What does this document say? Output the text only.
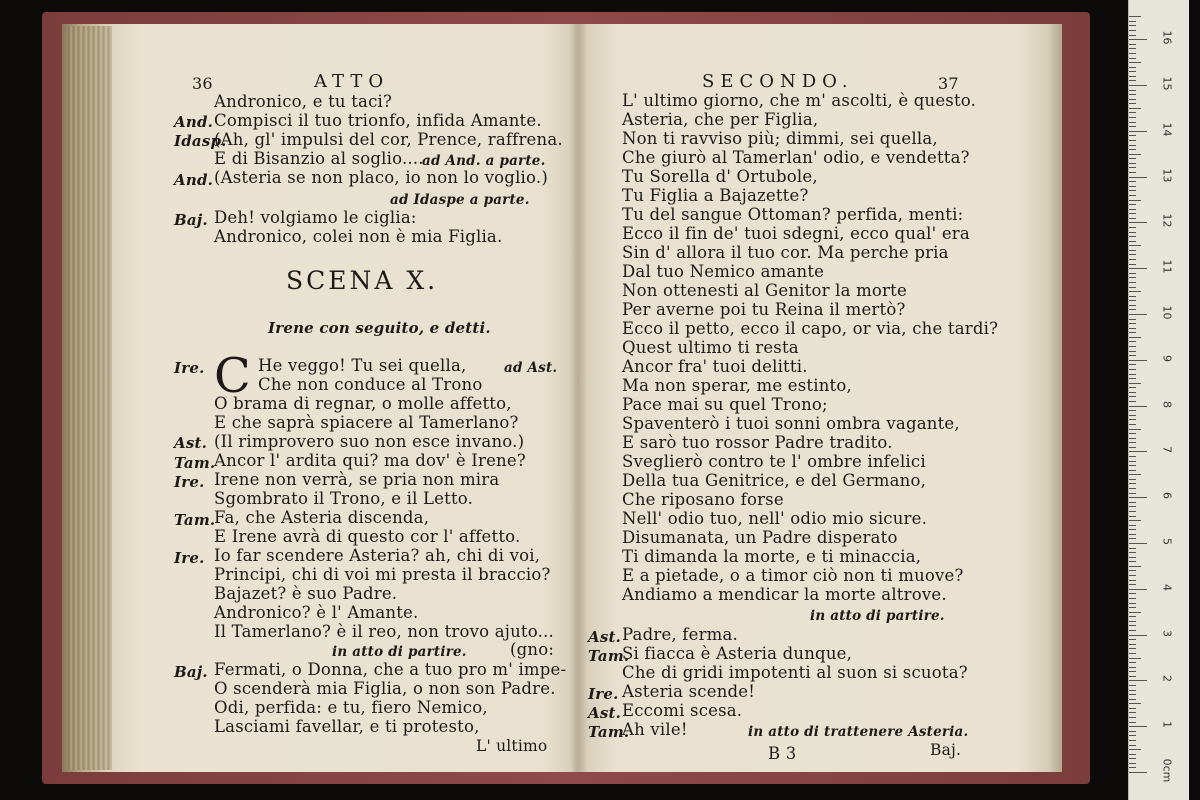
36	ATTO
Andronico, e tu taci?
And. Compisci il tuo trionfo, infida Amante.
Idasp.
(Ah, gl' impulsi del cor, Prence, raffrena.
E di Bisanzio al soglio....
ad And. a parte.
And. (Asteria se non placo, io non lo voglio.)
ad Idaspe a parte.
Baj. Deh! volgiamo le ciglia:
Andronico, colei non è mia Figlia.
SCENA X.
Irene con seguito, e detti.
C
Ire.	He veggo! Tu sei quella,	ad Ast.
Che non conduce al Trono
O brama di regnar, o molle affetto,
E che saprà spiacere al Tamerlano?
Ast. (Il rimprovero suo non esce invano.)
Tam.
Ancor l' ardita qui? ma dov' è Irene?
Ire. Irene non verrà, se pria non mira
Sgombrato il Trono, e il Letto.
Tam.
Fa, che Asteria discenda,
E Irene avrà di questo cor l' affetto.
Ire. Io far scendere Asteria? ah, chi di voi,
Principi, chi di voi mi presta il braccio?
Bajazet? è suo Padre.
Andronico? è l' Amante.
Il Tamerlano? è il reo, non trovo ajuto...
in atto di partire.	(gno:
Baj. Fermati, o Donna, che a tuo pro m' impe-
O scenderà mia Figlia, o non son Padre.
Odi, perfida: e tu, fiero Nemico,
Lasciami favellar, e ti protesto,
L' ultimo
SECONDO.	37
L' ultimo giorno, che m' ascolti, è questo.
Asteria, che per Figlia,
Non ti ravviso più; dimmi, sei quella,
Che giurò al Tamerlan' odio, e vendetta?
Tu Sorella d' Ortubole,
Tu Figlia a Bajazette?
Tu del sangue Ottoman? perfida, menti:
Ecco il fin de' tuoi sdegni, ecco qual' era
Sin d' allora il tuo cor. Ma perche pria
Dal tuo Nemico amante
Non ottenesti al Genitor la morte
Per averne poi tu Reina il mertò?
Ecco il petto, ecco il capo, or via, che tardi?
Quest ultimo ti resta
Ancor fra' tuoi delitti.
Ma non sperar, me estinto,
Pace mai su quel Trono;
Spaventerò i tuoi sonni ombra vagante,
E sarò tuo rossor Padre tradito.
Sveglierò contro te l' ombre infelici
Della tua Genitrice, e del Germano,
Che riposano forse
Nell' odio tuo, nell' odio mio sicure.
Disumanata, un Padre disperato
Ti dimanda la morte, e ti minaccia,
E a pietade, o a timor ciò non ti muove?
Andiamo a mendicar la morte altrove.
in atto di partire.
Ast. Padre, ferma.
Tam.
Si fiacca è Asteria dunque,
Che di gridi impotenti al suon si scuota?
Ire. Asteria scende!
Ast. Eccomi scesa.
Tam.
Ah vile!	in atto di trattenere Asteria.
B 3	Baj.
0cm
1
2
3
4
5
6
7
8
9
10
11
12
13
14
15
16
